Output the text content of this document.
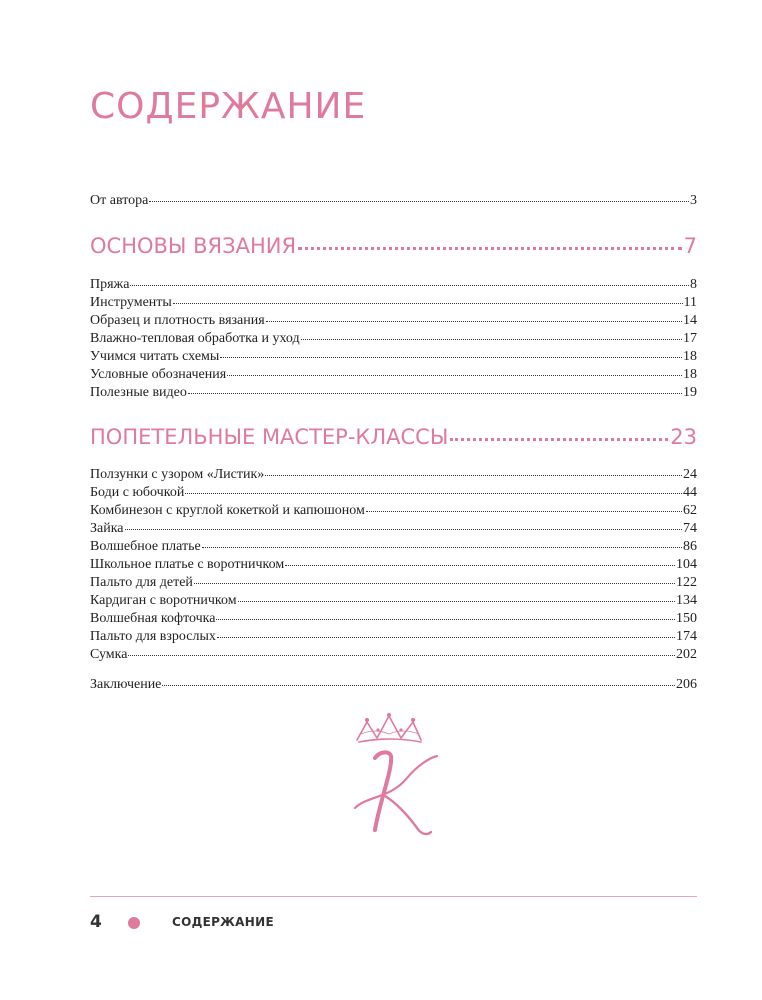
СОДЕРЖАНИЕ
От автора	3
ОСНОВЫ ВЯЗАНИЯ	7
Пряжа	8
Инструменты	11
Образец и плотность вязания	14
Влажно-тепловая обработка и уход	17
Учимся читать схемы	18
Условные обозначения	18
Полезные видео	19
ПОПЕТЕЛЬНЫЕ МАСТЕР-КЛАССЫ	23
Ползунки с узором «Листик»	24
Боди с юбочкой	44
Комбинезон с круглой кокеткой и капюшоном	62
Зайка	74
Волшебное платье	86
Школьное платье с воротничком	104
Пальто для детей	122
Кардиган с воротничком	134
Волшебная кофточка	150
Пальто для взрослых	174
Сумка	202
Заключение	206
4	СОДЕРЖАНИЕ
